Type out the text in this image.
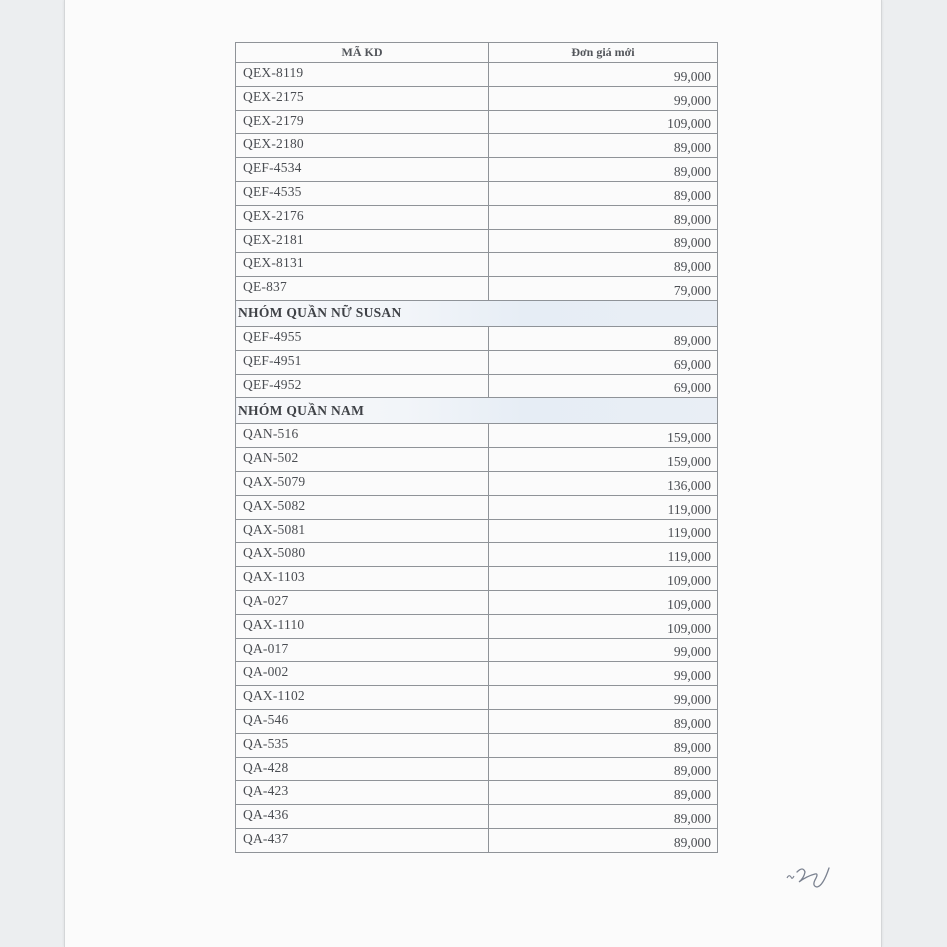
MÃ KD	Đơn giá mới
QEX-8119	99,000
QEX-2175	99,000
QEX-2179	109,000
QEX-2180	89,000
QEF-4534	89,000
QEF-4535	89,000
QEX-2176	89,000
QEX-2181	89,000
QEX-8131	89,000
QE-837	79,000
NHÓM QUẦN NỮ SUSAN	
QEF-4955	89,000
QEF-4951	69,000
QEF-4952	69,000
NHÓM QUẦN NAM	
QAN-516	159,000
QAN-502	159,000
QAX-5079	136,000
QAX-5082	119,000
QAX-5081	119,000
QAX-5080	119,000
QAX-1103	109,000
QA-027	109,000
QAX-1110	109,000
QA-017	99,000
QA-002	99,000
QAX-1102	99,000
QA-546	89,000
QA-535	89,000
QA-428	89,000
QA-423	89,000
QA-436	89,000
QA-437	89,000
